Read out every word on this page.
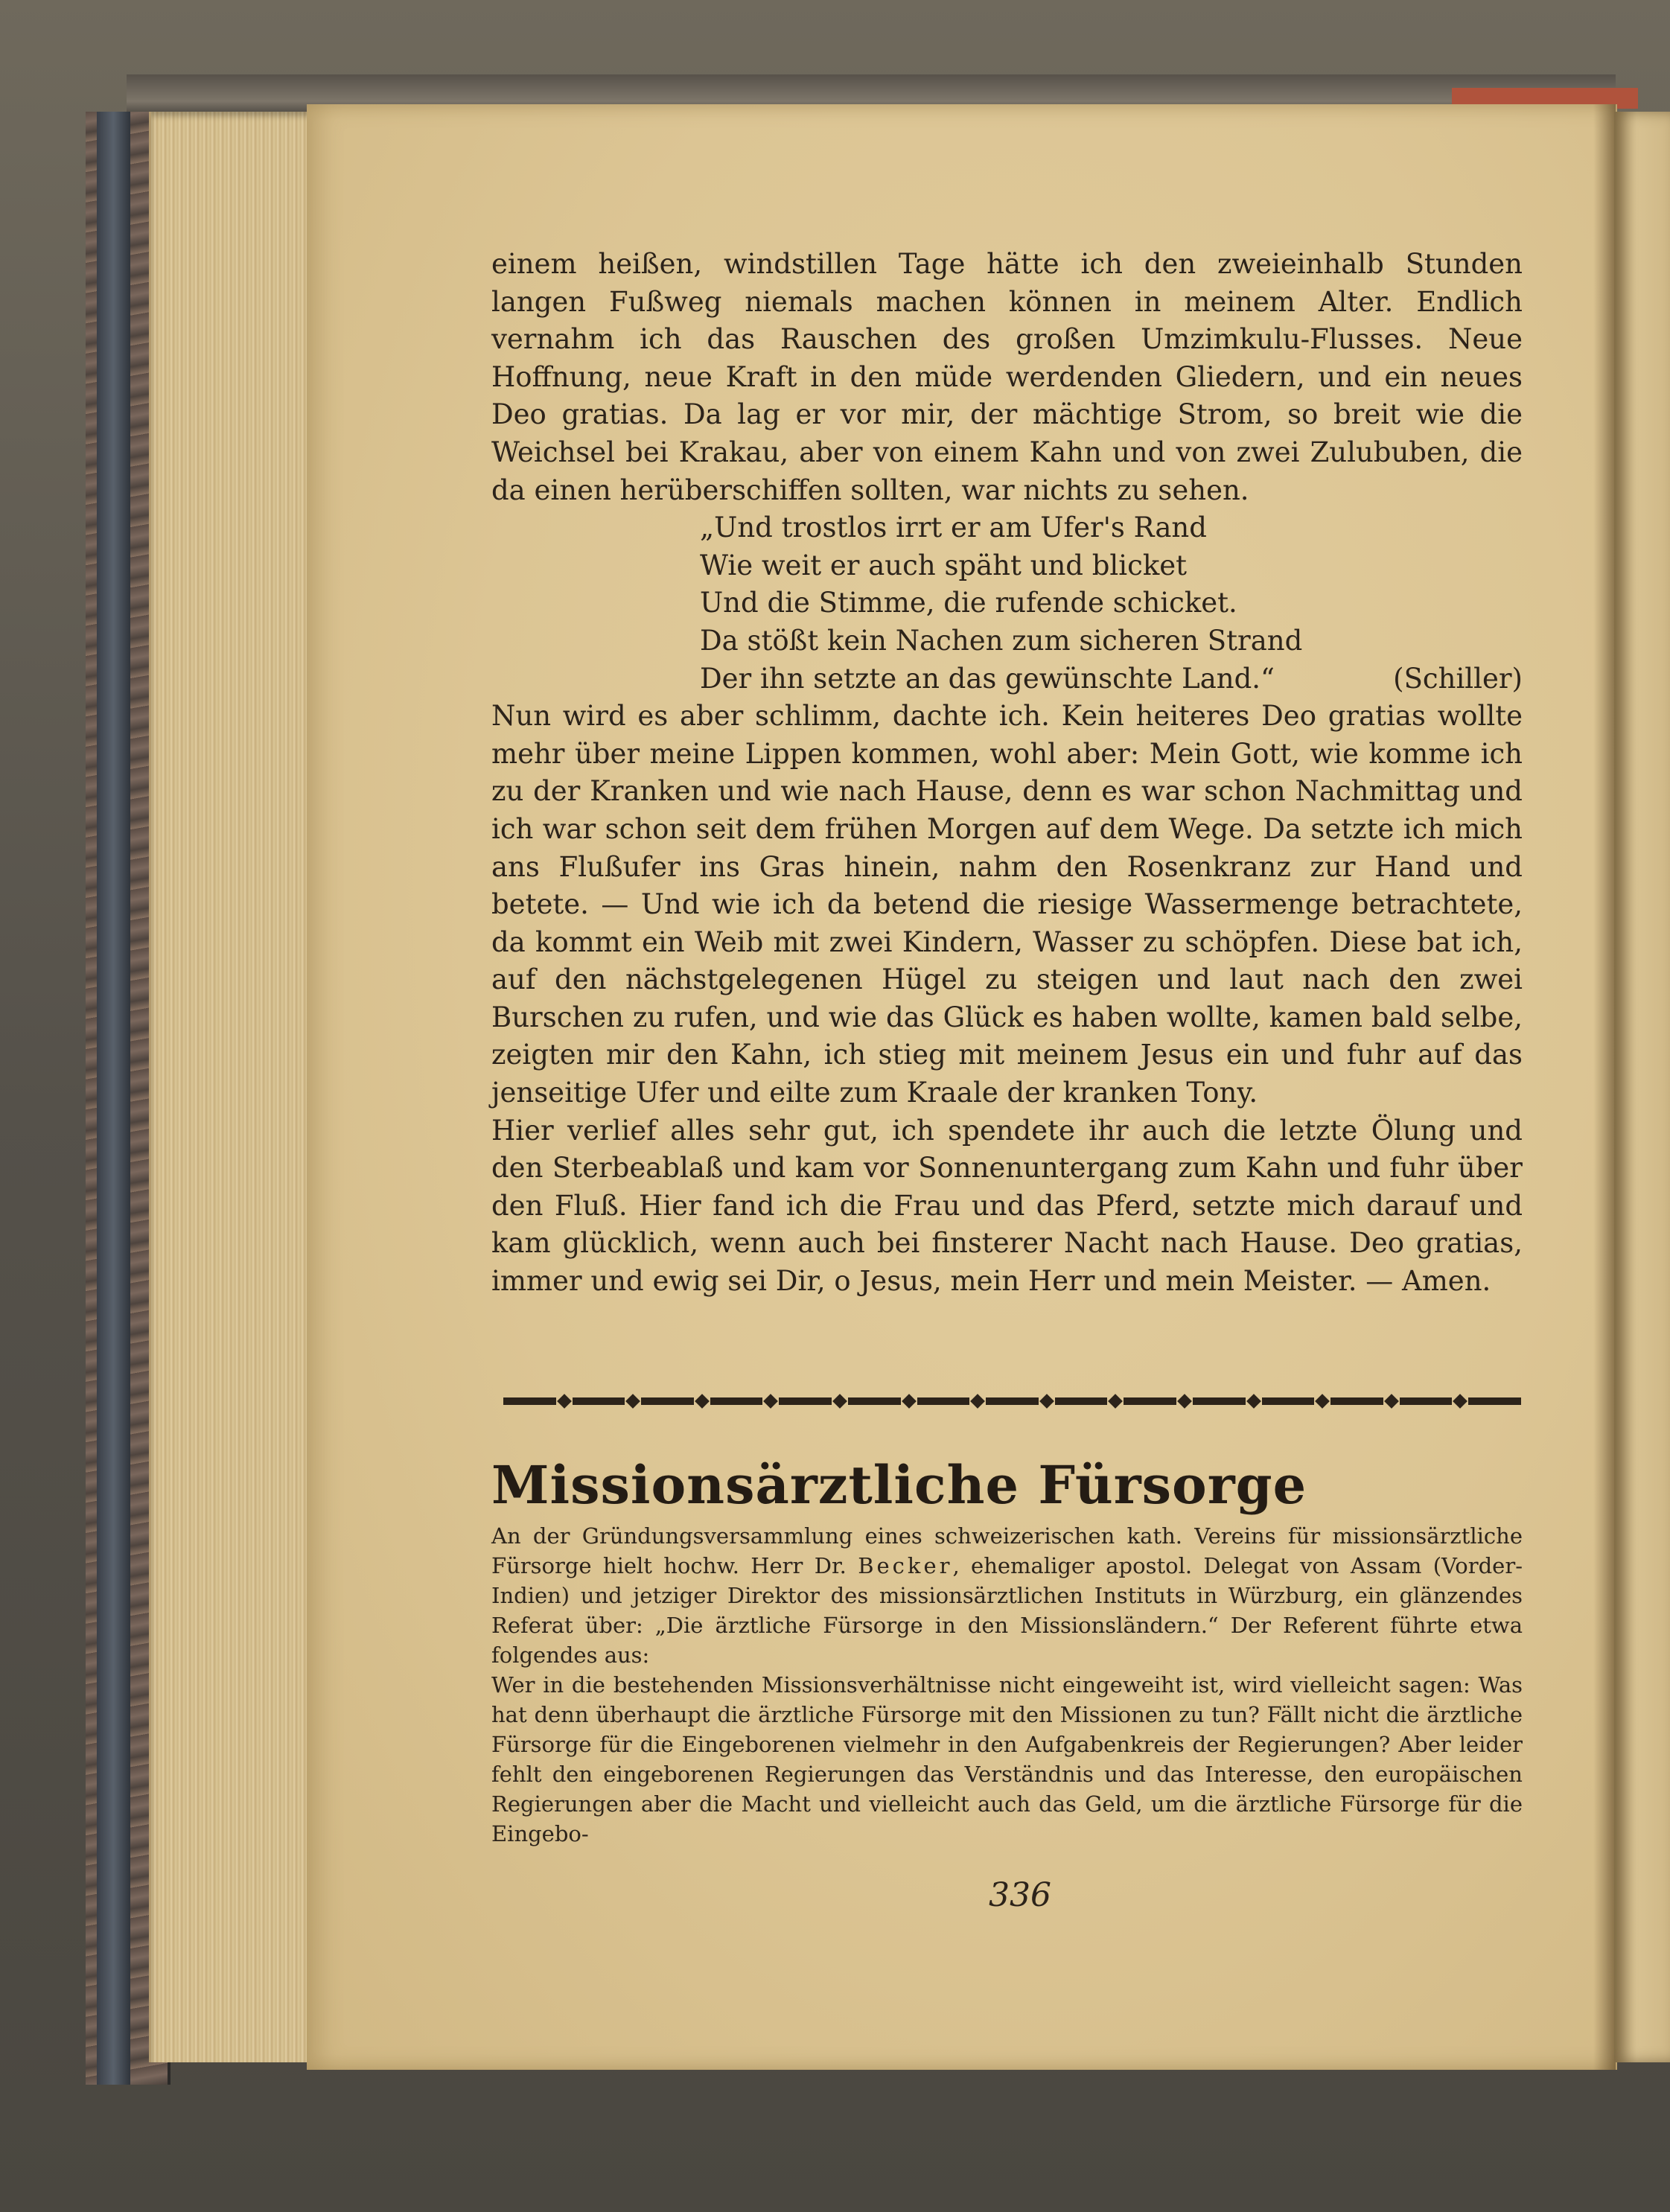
einem heißen, windstillen Tage hätte ich den zweieinhalb Stunden langen Fußweg niemals machen können in meinem Alter. Endlich vernahm ich das Rauschen des großen Umzimkulu-Flusses. Neue Hoffnung, neue Kraft in den müde werdenden Gliedern, und ein neues Deo gratias. Da lag er vor mir, der mächtige Strom, so breit wie die Weichsel bei Krakau, aber von einem Kahn und von zwei Zulububen, die da einen herüberschiffen sollten, war nichts zu sehen.

„Und trostlos irrt er am Ufer's Rand
Wie weit er auch späht und blicket
Und die Stimme, die rufende schicket.
Da stößt kein Nachen zum sicheren Strand
Der ihn setzte an das gewünschte Land.“	(Schiller)

Nun wird es aber schlimm, dachte ich. Kein heiteres Deo gratias wollte mehr über meine Lippen kommen, wohl aber: Mein Gott, wie komme ich zu der Kranken und wie nach Hause, denn es war schon Nachmittag und ich war schon seit dem frühen Morgen auf dem Wege. Da setzte ich mich ans Flußufer ins Gras hinein, nahm den Rosenkranz zur Hand und betete. — Und wie ich da betend die riesige Wassermenge betrachtete, da kommt ein Weib mit zwei Kindern, Wasser zu schöpfen. Diese bat ich, auf den nächstgelegenen Hügel zu steigen und laut nach den zwei Burschen zu rufen, und wie das Glück es haben wollte, kamen bald selbe, zeigten mir den Kahn, ich stieg mit meinem Jesus ein und fuhr auf das jenseitige Ufer und eilte zum Kraale der kranken Tony.

Hier verlief alles sehr gut, ich spendete ihr auch die letzte Ölung und den Sterbeablaß und kam vor Sonnenuntergang zum Kahn und fuhr über den Fluß. Hier fand ich die Frau und das Pferd, setzte mich darauf und kam glücklich, wenn auch bei finsterer Nacht nach Hause. Deo gratias, immer und ewig sei Dir, o Jesus, mein Herr und mein Meister. — Amen.

Missionsärztliche Fürsorge

An der Gründungsversammlung eines schweizerischen kath. Vereins für missionsärztliche Fürsorge hielt hochw. Herr Dr. Becker, ehemaliger apostol. Delegat von Assam (Vorder-Indien) und jetziger Direktor des missionsärztlichen Instituts in Würzburg, ein glänzendes Referat über: „Die ärztliche Fürsorge in den Missionsländern.“ Der Referent führte etwa folgendes aus:

Wer in die bestehenden Missionsverhältnisse nicht eingeweiht ist, wird vielleicht sagen: Was hat denn überhaupt die ärztliche Fürsorge mit den Missionen zu tun? Fällt nicht die ärztliche Fürsorge für die Eingeborenen vielmehr in den Aufgabenkreis der Regierungen? Aber leider fehlt den eingeborenen Regierungen das Verständnis und das Interesse, den europäischen Regierungen aber die Macht und vielleicht auch das Geld, um die ärztliche Fürsorge für die Eingebo-

336
